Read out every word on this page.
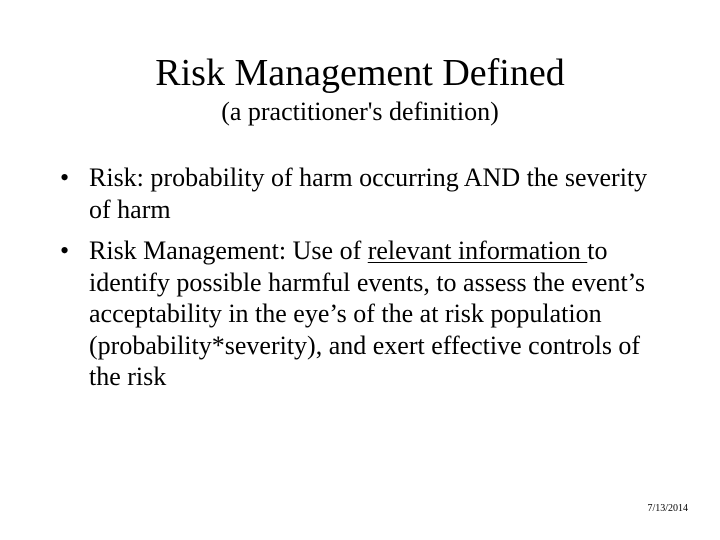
Risk Management Defined
(a practitioner's definition)
• Risk: probability of harm occurring AND the severity of harm
• Risk Management: Use of relevant information to identify possible harmful events, to assess the event’s acceptability in the eye’s of the at risk population (probability*severity), and exert effective controls of the risk
7/13/2014
